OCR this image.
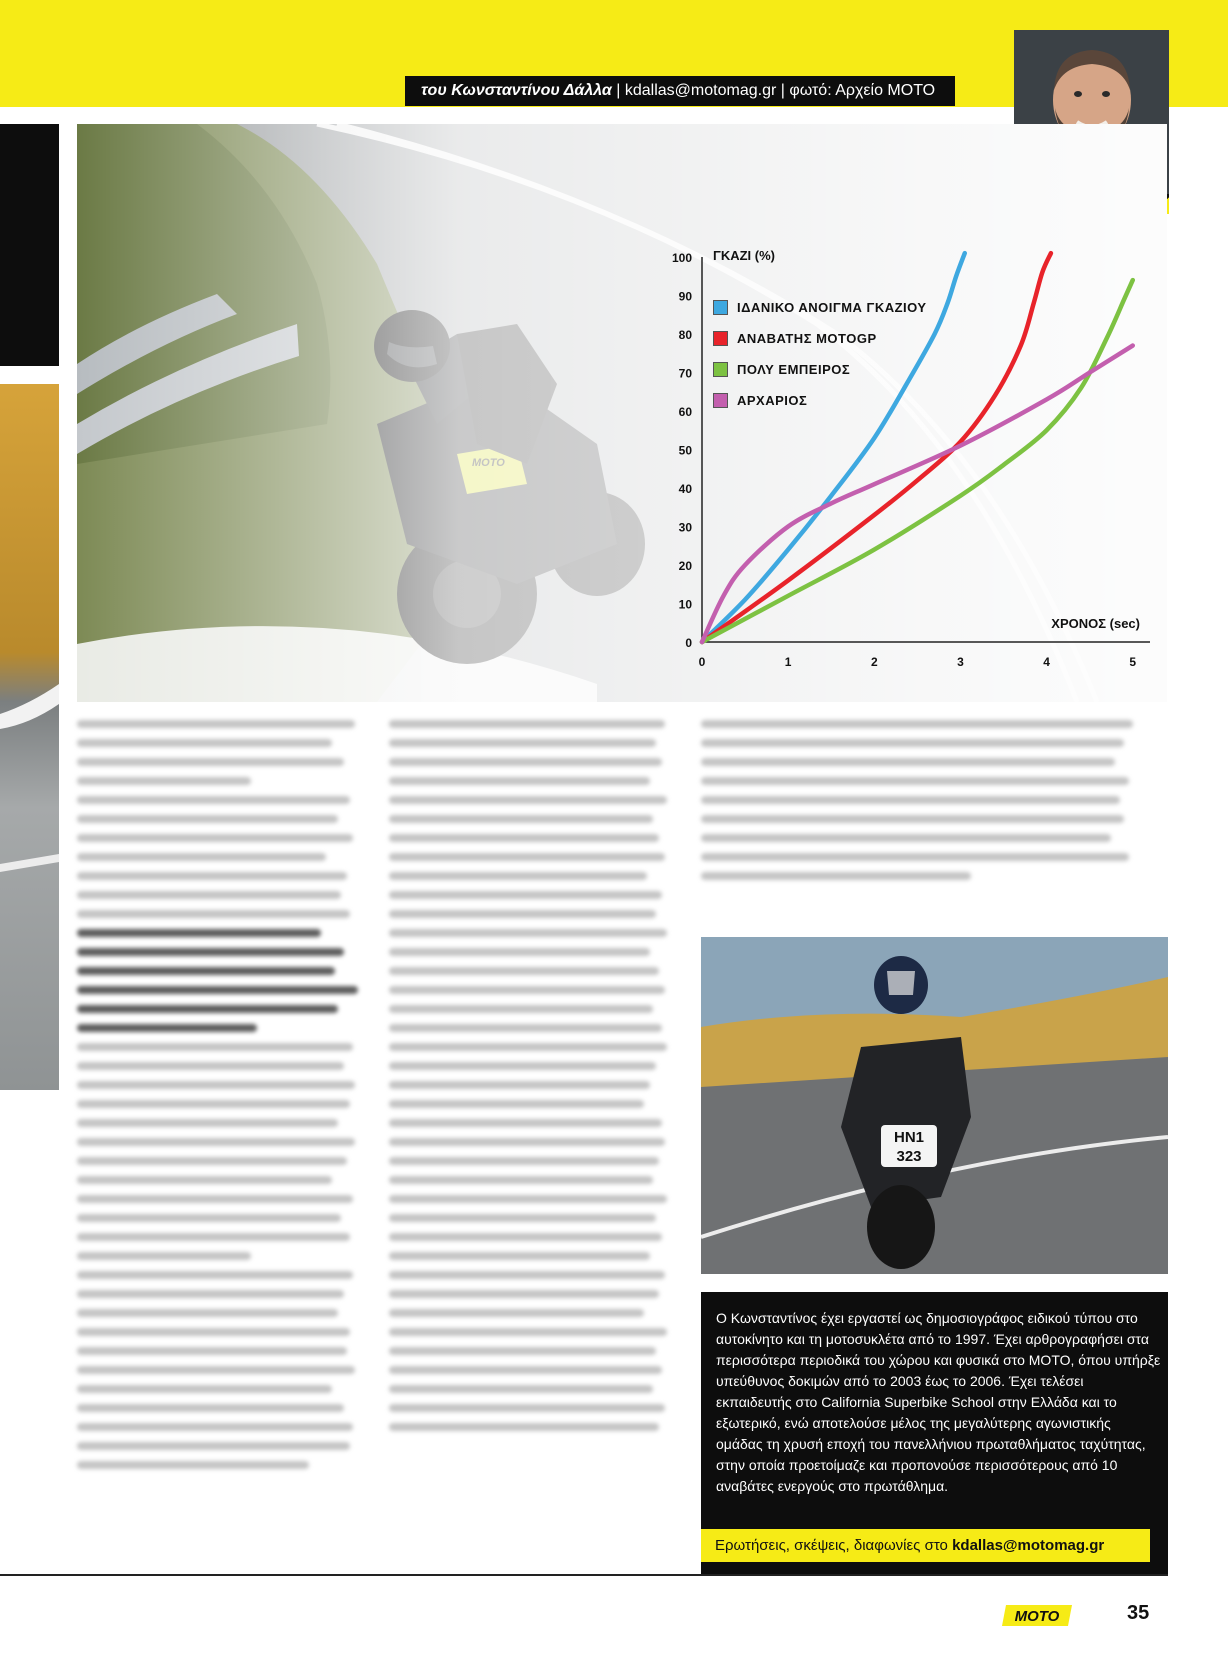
του Κωνσταντίνου Δάλλα | kdallas@motomag.gr | φωτό: Αρχείο ΜΟΤΟ
0
10
20
30
40
50
60
70
80
90
100
0	1	2	3	4	5
ΓΚΑΖΙ (%)
ΧΡΟΝΟΣ (sec)
ΙΔΑΝΙΚΟ ΑΝΟΙΓΜΑ ΓΚΑΖΙΟΥ
ΑΝΑΒΑΤΗΣ MOTOGP
ΠΟΛΥ ΕΜΠΕΙΡΟΣ
ΑΡΧΑΡΙΟΣ
HN1
323

Ο Κωνσταντίνος έχει εργαστεί ως δημοσιογράφος ειδικού τύπου στο αυτοκίνητο και τη μοτοσυκλέτα από το 1997. Έχει αρθρογραφήσει στα περισσότερα περιοδικά του χώρου και φυσικά στο MOTO, όπου υπήρξε υπεύθυνος δοκιμών από το 2003 έως το 2006. Έχει τελέσει εκπαιδευτής στο California Superbike School στην Ελλάδα και το εξωτερικό, ενώ αποτελούσε μέλος της μεγαλύτερης αγωνιστικής ομάδας τη χρυσή εποχή του πανελλήνιου πρωταθλήματος ταχύτητας, στην οποία προετοίμαζε και προπονούσε περισσότερους από 10 αναβάτες ενεργούς στο πρωτάθλημα.

Ερωτήσεις, σκέψεις, διαφωνίες στο kdallas@motomag.gr
MOTO	35
